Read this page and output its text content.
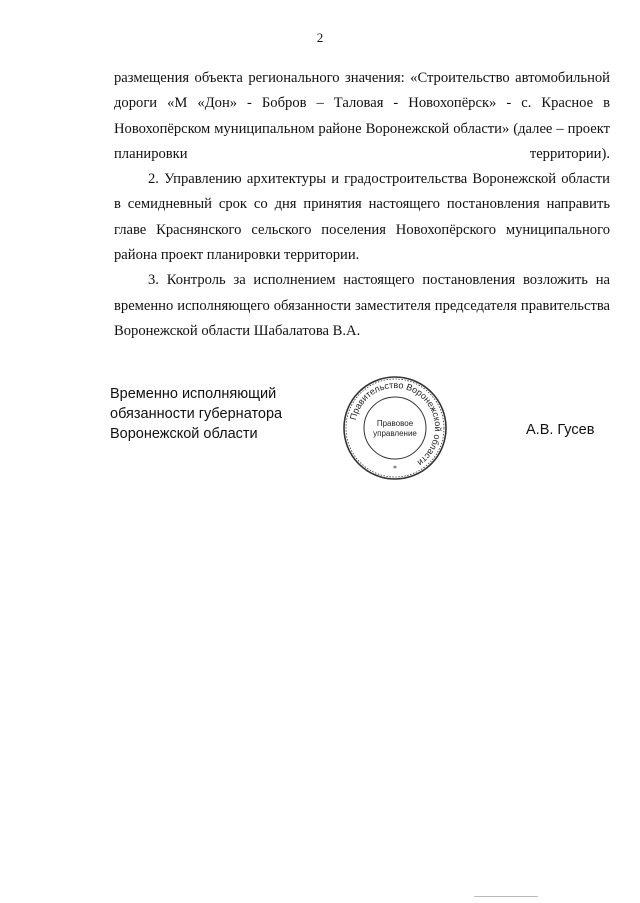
2

размещения объекта регионального значения: «Строительство автомобильной дороги «М «Дон» - Бобров – Таловая - Новохопёрск» - с. Красное в Новохопёрском муниципальном районе Воронежской области» (далее – проект планировки территории).

2. Управлению архитектуры и градостроительства Воронежской области в семидневный срок со дня принятия настоящего постановления направить главе Краснянского сельского поселения Новохопёрского муниципального района проект планировки территории.

3. Контроль за исполнением настоящего постановления возложить на временно исполняющего обязанности заместителя председателя правительства Воронежской области Шабалатова В.А.

Временно исполняющий
обязанности губернатора
Воронежской области
Правительство Воронежской области
Правовое
управление
*
А.В. Гусев
